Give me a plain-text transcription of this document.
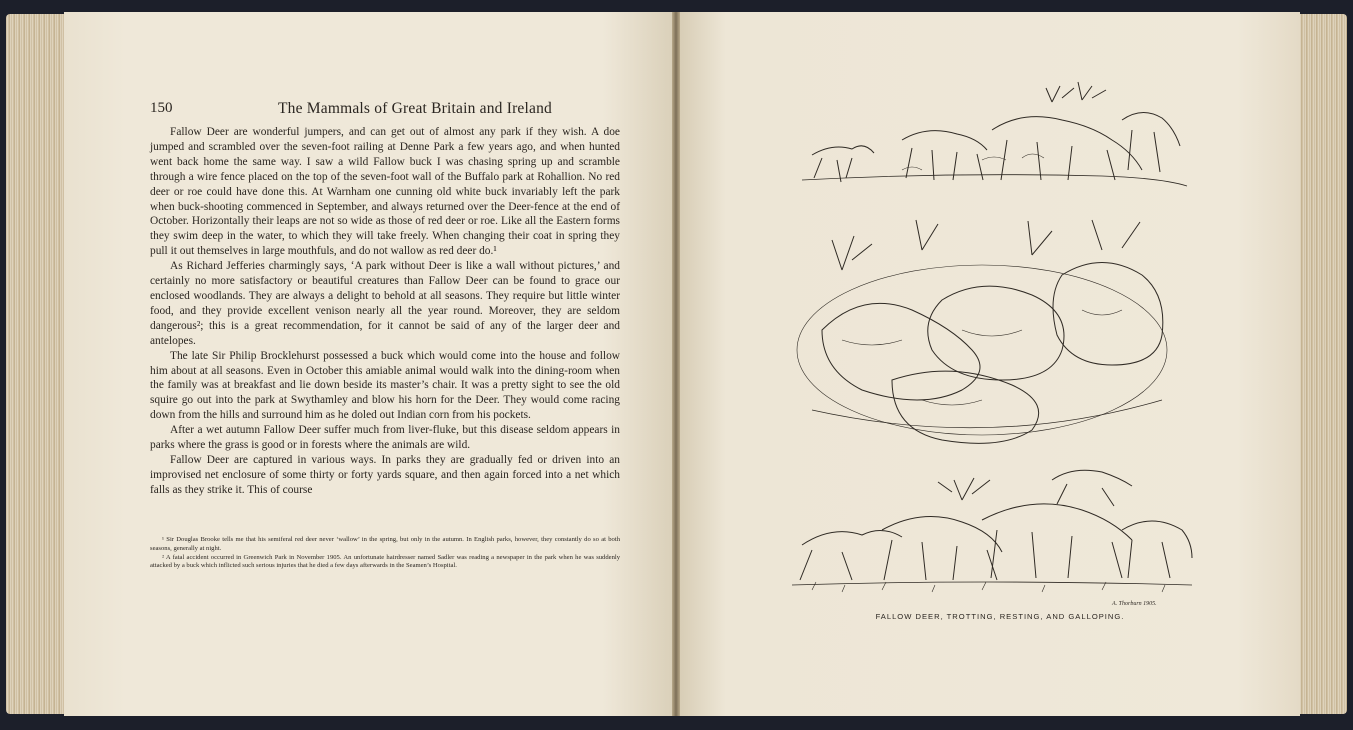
150	The Mammals of Great Britain and Ireland

Fallow Deer are wonderful jumpers, and can get out of almost any park if they wish. A doe jumped and scrambled over the seven-foot railing at Denne Park a few years ago, and when hunted went back home the same way. I saw a wild Fallow buck I was chasing spring up and scramble through a wire fence placed on the top of the seven-foot wall of the Buffalo park at Rohallion. No red deer or roe could have done this. At Warnham one cunning old white buck invariably left the park when buck-shooting commenced in September, and always returned over the Deer-fence at the end of October. Horizontally their leaps are not so wide as those of red deer or roe. Like all the Eastern forms they swim deep in the water, to which they will take freely. When changing their coat in spring they pull it out themselves in large mouthfuls, and do not wallow as red deer do.¹

As Richard Jefferies charmingly says, ‘A park without Deer is like a wall without pictures,’ and certainly no more satisfactory or beautiful creatures than Fallow Deer can be found to grace our enclosed woodlands. They are always a delight to behold at all seasons. They require but little winter food, and they provide excellent venison nearly all the year round. Moreover, they are seldom dangerous²; this is a great recommendation, for it cannot be said of any of the larger deer and antelopes.

The late Sir Philip Brocklehurst possessed a buck which would come into the house and follow him about at all seasons. Even in October this amiable animal would walk into the dining-room when the family was at breakfast and lie down beside its master’s chair. It was a pretty sight to see the old squire go out into the park at Swythamley and blow his horn for the Deer. They would come racing down from the hills and surround him as he doled out Indian corn from his pockets.

After a wet autumn Fallow Deer suffer much from liver-fluke, but this disease seldom appears in parks where the grass is good or in forests where the animals are wild.

Fallow Deer are captured in various ways. In parks they are gradually fed or driven into an improvised net enclosure of some thirty or forty yards square, and then again forced into a net which falls as they strike it. This of course

¹ Sir Douglas Brooke tells me that his semiferal red deer never ‘wallow’ in the spring, but only in the autumn. In English parks, however, they constantly do so at both seasons, generally at night.

² A fatal accident occurred in Greenwich Park in November 1905. An unfortunate hairdresser named Sadler was reading a newspaper in the park when he was suddenly attacked by a buck which inflicted such serious injuries that he died a few days afterwards in the Seamen’s Hospital.

A. Thorburn 1905.
FALLOW DEER, TROTTING, RESTING, AND GALLOPING.
